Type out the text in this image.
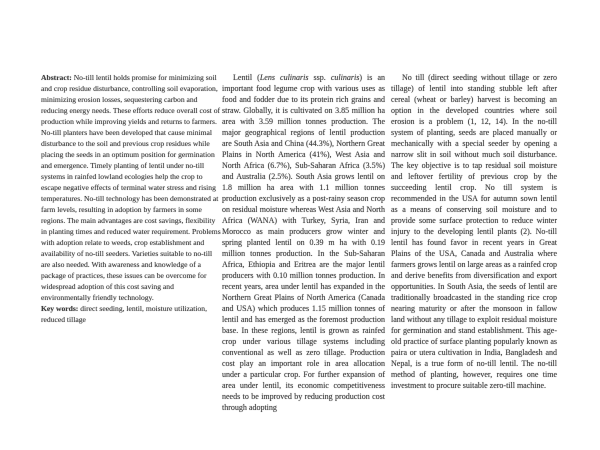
Abstract: No-till lentil holds promise for minimizing soil and crop residue disturbance, controlling soil evaporation, minimizing erosion losses, sequestering carbon and reducing energy needs. These efforts reduce overall cost of production while improving yields and returns to farmers. No-till planters have been developed that cause minimal disturbance to the soil and previous crop residues while placing the seeds in an optimum position for germination and emergence. Timely planting of lentil under no-till systems in rainfed lowland ecologies help the crop to escape negative effects of terminal water stress and rising temperatures. No-till technology has been demonstrated at farm levels, resulting in adoption by farmers in some regions. The main advantages are cost savings, flexibility in planting times and reduced water requirement. Problems with adoption relate to weeds, crop establishment and availability of no-till seeders. Varieties suitable to no-till are also needed. With awareness and knowledge of a package of practices, these issues can be overcome for widespread adoption of this cost saving and environmentally friendly technology.

Key words: direct seeding, lentil, moisture utilization, reduced tillage

Lentil (Lens culinaris ssp. culinaris) is an important food legume crop with various uses as food and fodder due to its protein rich grains and straw. Globally, it is cultivated on 3.85 million ha area with 3.59 million tonnes production. The major geographical regions of lentil production are South Asia and China (44.3%), Northern Great Plains in North America (41%), West Asia and North Africa (6.7%), Sub-Saharan Africa (3.5%) and Australia (2.5%). South Asia grows lentil on 1.8 million ha area with 1.1 million tonnes production exclusively as a post-rainy season crop on residual moisture whereas West Asia and North Africa (WANA) with Turkey, Syria, Iran and Morocco as main producers grow winter and spring planted lentil on 0.39 m ha with 0.19 million tonnes production. In the Sub-Saharan Africa, Ethiopia and Eritrea are the major lentil producers with 0.10 million tonnes production. In recent years, area under lentil has expanded in the Northern Great Plains of North America (Canada and USA) which produces 1.15 million tonnes of lentil and has emerged as the foremost production base. In these regions, lentil is grown as rainfed crop under various tillage systems including conventional as well as zero tillage. Production cost play an important role in area allocation under a particular crop. For further expansion of area under lentil, its economic competitiveness needs to be improved by reducing production cost through adopting

No till (direct seeding without tillage or zero tillage) of lentil into standing stubble left after cereal (wheat or barley) harvest is becoming an option in the developed countries where soil erosion is a problem (1, 12, 14). In the no-till system of planting, seeds are placed manually or mechanically with a special seeder by opening a narrow slit in soil without much soil disturbance. The key objective is to tap residual soil moisture and leftover fertility of previous crop by the succeeding lentil crop. No till system is recommended in the USA for autumn sown lentil as a means of conserving soil moisture and to provide some surface protection to reduce winter injury to the developing lentil plants (2). No-till lentil has found favor in recent years in Great Plains of the USA, Canada and Australia where farmers grows lentil on large areas as a rainfed crop and derive benefits from diversification and export opportunities. In South Asia, the seeds of lentil are traditionally broadcasted in the standing rice crop nearing maturity or after the monsoon in fallow land without any tillage to exploit residual moisture for germination and stand establishment. This age-old practice of surface planting popularly known as paira or utera cultivation in India, Bangladesh and Nepal, is a true form of no-till lentil. The no-till method of planting, however, requires one time investment to procure suitable zero-till machine.
